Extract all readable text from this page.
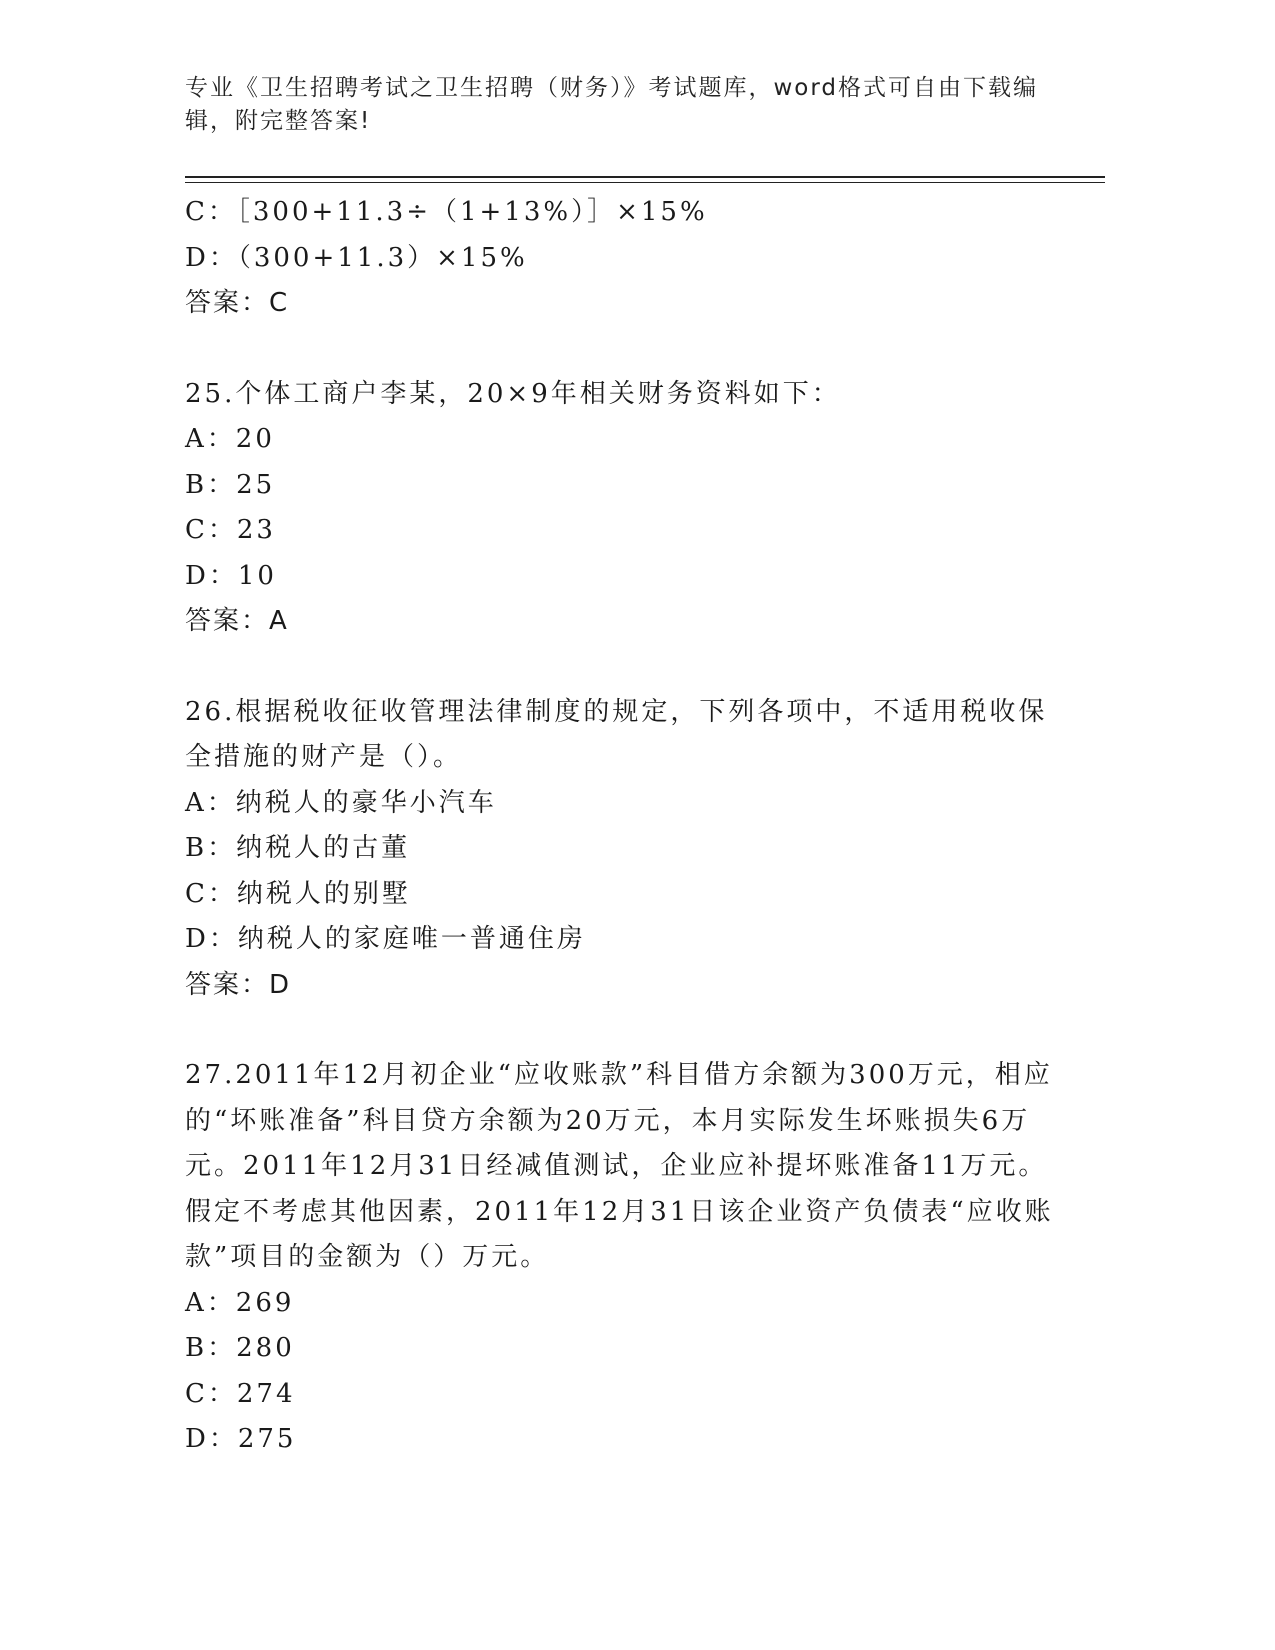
专业《卫生招聘考试之卫生招聘（财务）》考试题库，word格式可自由下载编辑，附完整答案!
C：［300+11.3÷（1+13%）］×15%
D：（300+11.3）×15%
答案：C
25.个体工商户李某，20×9年相关财务资料如下：
A：20
B：25
C：23
D：10
答案：A
26.根据税收征收管理法律制度的规定，下列各项中，不适用税收保全措施的财产是（）。
A：纳税人的豪华小汽车
B：纳税人的古董
C：纳税人的别墅
D：纳税人的家庭唯一普通住房
答案：D
27.2011年12月初企业“应收账款”科目借方余额为300万元，相应的“坏账准备”科目贷方余额为20万元，本月实际发生坏账损失6万元。2011年12月31日经减值测试，企业应补提坏账准备11万元。假定不考虑其他因素，2011年12月31日该企业资产负债表“应收账款”项目的金额为（）万元。
A：269
B：280
C：274
D：275
